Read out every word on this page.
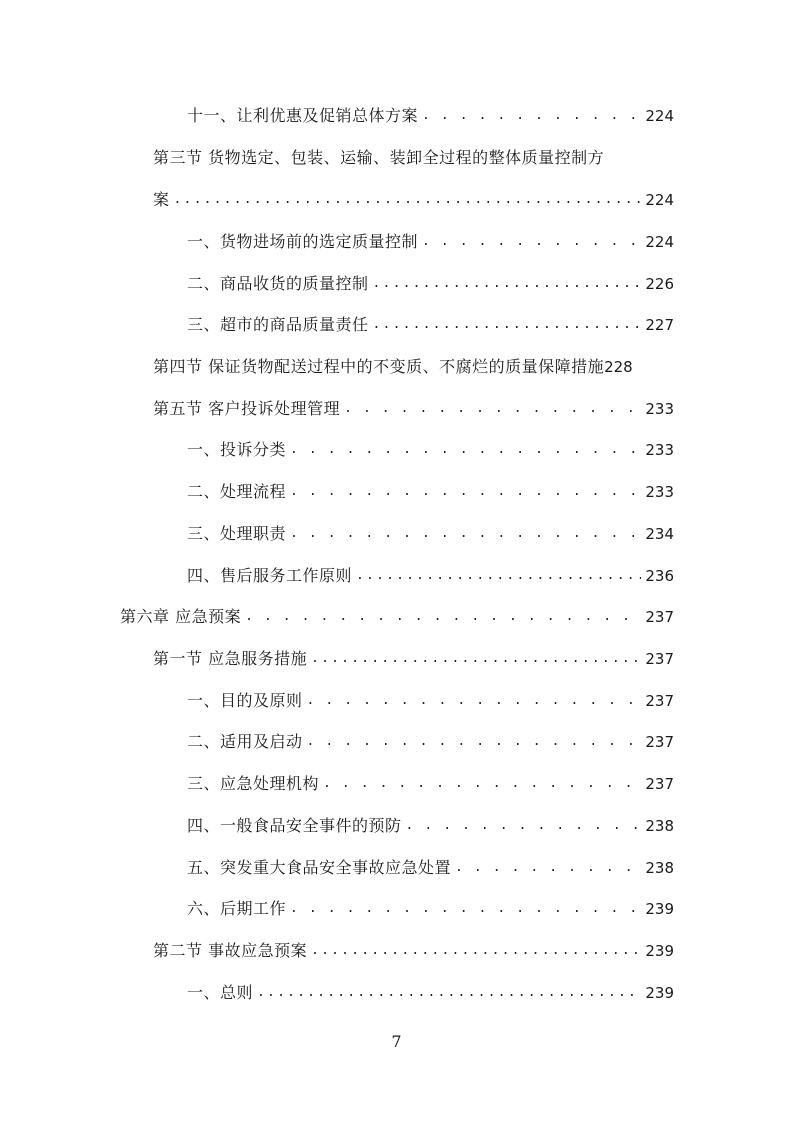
十一、让利优惠及促销总体方案 . . .	224
第三节 货物选定、包装、运输、装卸全过程的整体质量控制方
案 .....	224
一、货物进场前的选定质量控制 . . .	224
二、商品收货的质量控制 .....	226
三、超市的商品质量责任 .....	227
第四节 保证货物配送过程中的不变质、不腐烂的质量保障措施 228
第五节 客户投诉处理管理 . . .	233
一、投诉分类 . . .	233
二、处理流程 . . .	233
三、处理职责 . . .	234
四、售后服务工作原则 .....	236
第六章 应急预案 . . .	237
第一节 应急服务措施 .....	237
一、目的及原则 . . .	237
二、适用及启动 . . .	237
三、应急处理机构 . . .	237
四、一般食品安全事件的预防 . . .	238
五、突发重大食品安全事故应急处置 . . .	238
六、后期工作 . . .	239
第二节 事故应急预案 .....	239
一、总则 .....	239
7
